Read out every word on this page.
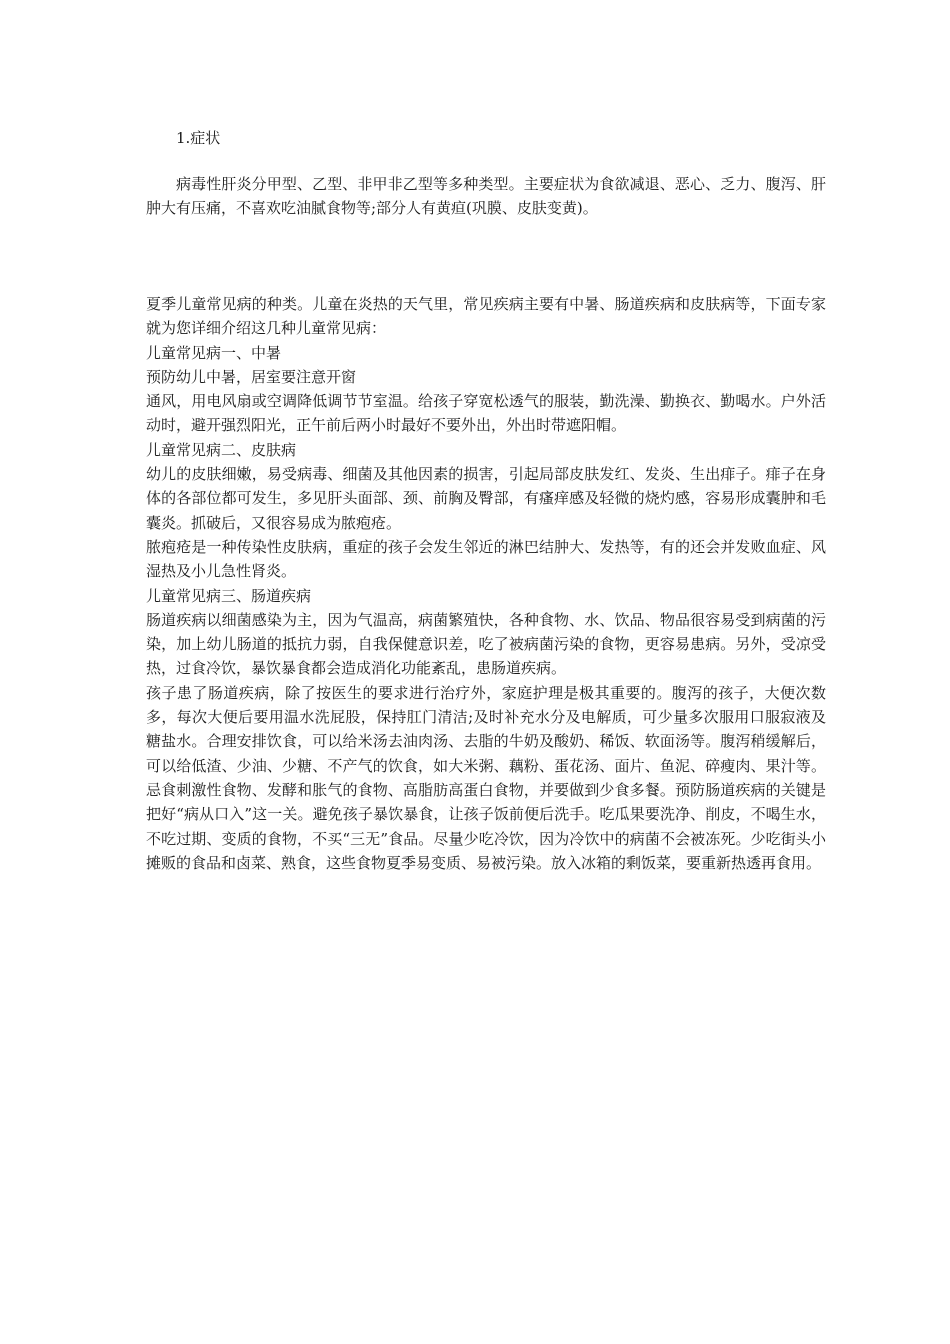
1.症状

病毒性肝炎分甲型、乙型、非甲非乙型等多种类型。主要症状为食欲减退、恶心、乏力、腹泻、肝肿大有压痛，不喜欢吃油腻食物等;部分人有黄疸(巩膜、皮肤变黄)。

夏季儿童常见病的种类。儿童在炎热的天气里，常见疾病主要有中暑、肠道疾病和皮肤病等，下面专家就为您详细介绍这几种儿童常见病：

儿童常见病一、中暑

预防幼儿中暑，居室要注意开窗

通风，用电风扇或空调降低调节节室温。给孩子穿宽松透气的服装，勤洗澡、勤换衣、勤喝水。户外活动时，避开强烈阳光，正午前后两小时最好不要外出，外出时带遮阳帽。

儿童常见病二、皮肤病

幼儿的皮肤细嫩，易受病毒、细菌及其他因素的损害，引起局部皮肤发红、发炎、生出痱子。痱子在身体的各部位都可发生，多见肝头面部、颈、前胸及臀部，有瘙痒感及轻微的烧灼感，容易形成囊肿和毛囊炎。抓破后，又很容易成为脓疱疮。

脓疱疮是一种传染性皮肤病，重症的孩子会发生邻近的淋巴结肿大、发热等，有的还会并发败血症、风湿热及小儿急性肾炎。

儿童常见病三、肠道疾病

肠道疾病以细菌感染为主，因为气温高，病菌繁殖快，各种食物、水、饮品、物品很容易受到病菌的污染，加上幼儿肠道的抵抗力弱，自我保健意识差，吃了被病菌污染的食物，更容易患病。另外，受凉受热，过食冷饮，暴饮暴食都会造成消化功能紊乱，患肠道疾病。

孩子患了肠道疾病，除了按医生的要求进行治疗外，家庭护理是极其重要的。腹泻的孩子，大便次数多，每次大便后要用温水洗屁股，保持肛门清洁;及时补充水分及电解质，可少量多次服用口服寂液及糖盐水。合理安排饮食，可以给米汤去油肉汤、去脂的牛奶及酸奶、稀饭、软面汤等。腹泻稍缓解后，可以给低渣、少油、少糖、不产气的饮食，如大米粥、藕粉、蛋花汤、面片、鱼泥、碎瘦肉、果汁等。忌食刺激性食物、发酵和胀气的食物、高脂肪高蛋白食物，并要做到少食多餐。预防肠道疾病的关键是把好“病从口入”这一关。避免孩子暴饮暴食，让孩子饭前便后洗手。吃瓜果要洗净、削皮，不喝生水，不吃过期、变质的食物，不买“三无”食品。尽量少吃冷饮，因为冷饮中的病菌不会被冻死。少吃街头小摊贩的食品和卤菜、熟食，这些食物夏季易变质、易被污染。放入冰箱的剩饭菜，要重新热透再食用。
